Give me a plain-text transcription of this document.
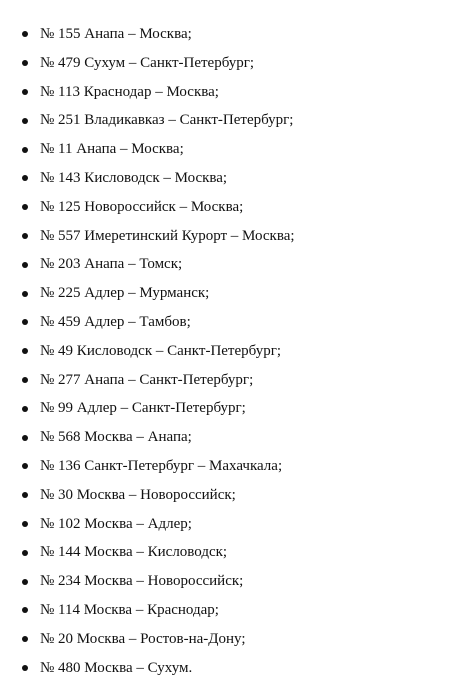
№ 155 Анапа – Москва;
№ 479 Сухум – Санкт-Петербург;
№ 113 Краснодар – Москва;
№ 251 Владикавказ – Санкт-Петербург;
№ 11 Анапа – Москва;
№ 143 Кисловодск – Москва;
№ 125 Новороссийск – Москва;
№ 557 Имеретинский Курорт – Москва;
№ 203 Анапа – Томск;
№ 225 Адлер – Мурманск;
№ 459 Адлер – Тамбов;
№ 49 Кисловодск – Санкт-Петербург;
№ 277 Анапа – Санкт-Петербург;
№ 99 Адлер – Санкт-Петербург;
№ 568 Москва – Анапа;
№ 136 Санкт-Петербург – Махачкала;
№ 30 Москва – Новороссийск;
№ 102 Москва – Адлер;
№ 144 Москва – Кисловодск;
№ 234 Москва – Новороссийск;
№ 114 Москва – Краснодар;
№ 20 Москва – Ростов-на-Дону;
№ 480 Москва – Сухум.
